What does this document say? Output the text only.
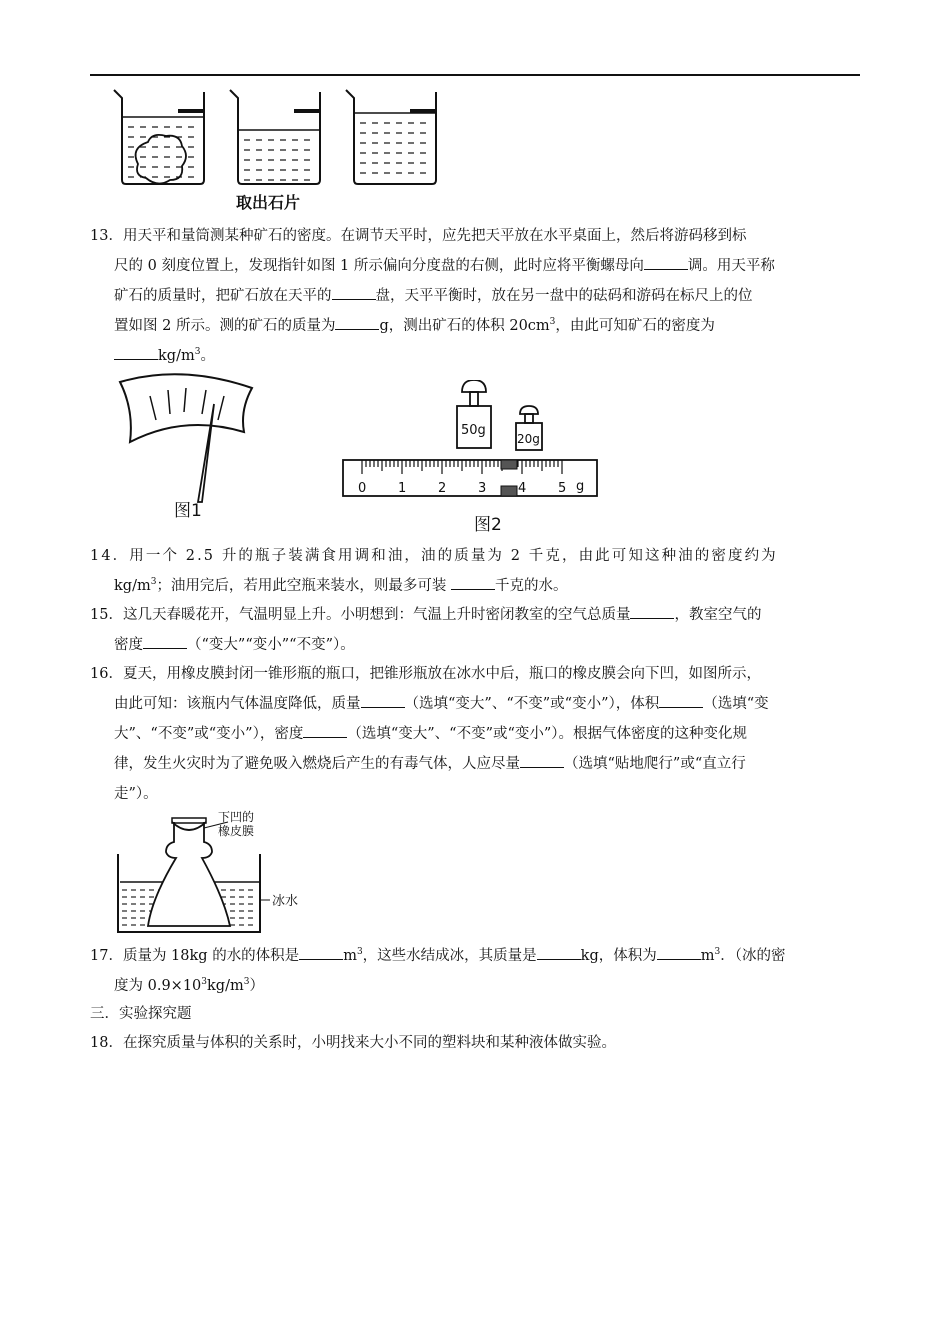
取出石片

13．用天平和量筒测某种矿石的密度。在调节天平时，应先把天平放在水平桌面上，然后将游码移到标

尺的 0 刻度位置上，发现指针如图 1 所示偏向分度盘的右侧，此时应将平衡螺母向	调。用天平称

矿石的质量时，把矿石放在天平的	盘，天平平衡时，放在另一盘中的砝码和游码在标尺上的位

置如图 2 所示。测的矿石的质量为	g，测出矿石的体积 $20cm^3$，由此可知矿石的密度为

$kg/m^3$。

图1
50g
20g
0 1 2 3 4 5 g
图2

14．用一个 2.5 升的瓶子装满食用调和油，油的质量为 2 千克，由此可知这种油的密度约为

$kg/m^3$；油用完后，若用此空瓶来装水，则最多可装	千克的水。

15．这几天春暖花开，气温明显上升。小明想到：气温上升时密闭教室的空气总质量	，教室空气的

密度	（“变大”“变小”“不变”）。

16．夏天，用橡皮膜封闭一锥形瓶的瓶口，把锥形瓶放在冰水中后，瓶口的橡皮膜会向下凹，如图所示，

由此可知：该瓶内气体温度降低，质量	（选填“变大”、“不变”或“变小”），体积	（选填“变

大”、“不变”或“变小”），密度	（选填“变大”、“不变”或“变小”）。根据气体密度的这种变化规

律，发生火灾时为了避免吸入燃烧后产生的有毒气体，人应尽量	（选填“贴地爬行”或“直立行

走”）。

下凹的
橡皮膜
冰水

17．质量为 18kg 的水的体积是	$m^3$，这些水结成冰，其质量是	kg，体积为	$m^3$．（冰的密

度为 $0.9\times 10^3kg/m^3$）

三．实验探究题

18．在探究质量与体积的关系时，小明找来大小不同的塑料块和某种液体做实验。
